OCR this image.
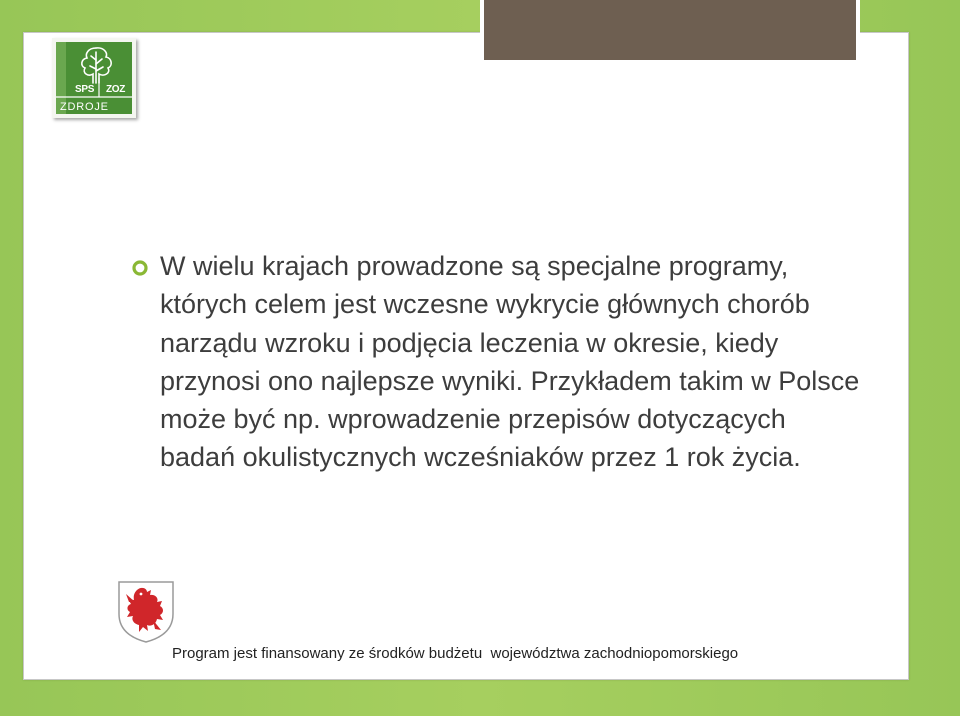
SPS ZOZ
ZDROJE

W wielu krajach prowadzone są specjalne programy, których celem jest wczesne wykrycie głównych chorób narządu wzroku i podjęcia leczenia w okresie, kiedy przynosi ono najlepsze wyniki. Przykładem takim w Polsce może być np. wprowadzenie przepisów dotyczących badań okulistycznych wcześniaków przez 1 rok życia.

Program jest finansowany ze środków budżetu  województwa zachodniopomorskiego
